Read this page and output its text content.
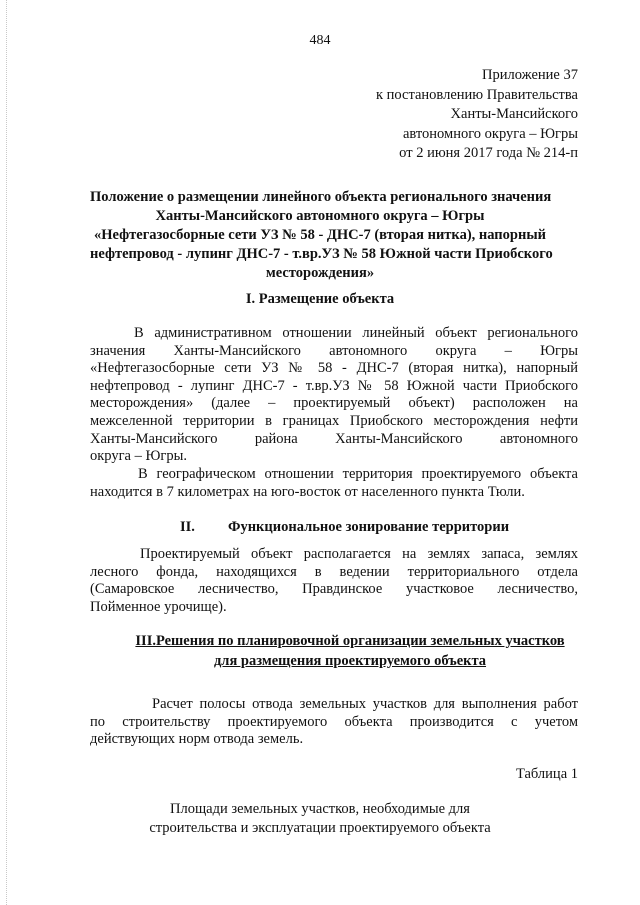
484
Приложение 37
к постановлению Правительства
Ханты-Мансийского
автономного округа – Югры
от 2 июня 2017 года № 214-п
Положение о размещении линейного объекта регионального значения
Ханты-Мансийского автономного округа – Югры
«Нефтегазосборные сети УЗ № 58 - ДНС-7 (вторая нитка), напорный
нефтепровод - лупинг ДНС-7 - т.вр.УЗ № 58 Южной части Приобского
месторождения»
I. Размещение объекта
В административном отношении линейный объект регионального
значения Ханты-Мансийского автономного округа – Югры
«Нефтегазосборные сети УЗ № 58 - ДНС-7 (вторая нитка), напорный
нефтепровод - лупинг ДНС-7 - т.вр.УЗ № 58 Южной части Приобского
месторождения» (далее – проектируемый объект) расположен на
межселенной территории в границах Приобского месторождения нефти
Ханты-Мансийского района Ханты-Мансийского автономного
округа – Югры.
В географическом отношении территория проектируемого объекта
находится в 7 километрах на юго-восток от населенного пункта Тюли.
II. Функциональное зонирование территории
Проектируемый объект располагается на землях запаса, землях
лесного фонда, находящихся в ведении территориального отдела
(Самаровское лесничество, Правдинское участковое лесничество,
Пойменное урочище).
III.Решения по планировочной организации земельных участков
для размещения проектируемого объекта
Расчет полосы отвода земельных участков для выполнения работ
по строительству проектируемого объекта производится с учетом
действующих норм отвода земель.
Таблица 1
Площади земельных участков, необходимые для
строительства и эксплуатации проектируемого объекта
